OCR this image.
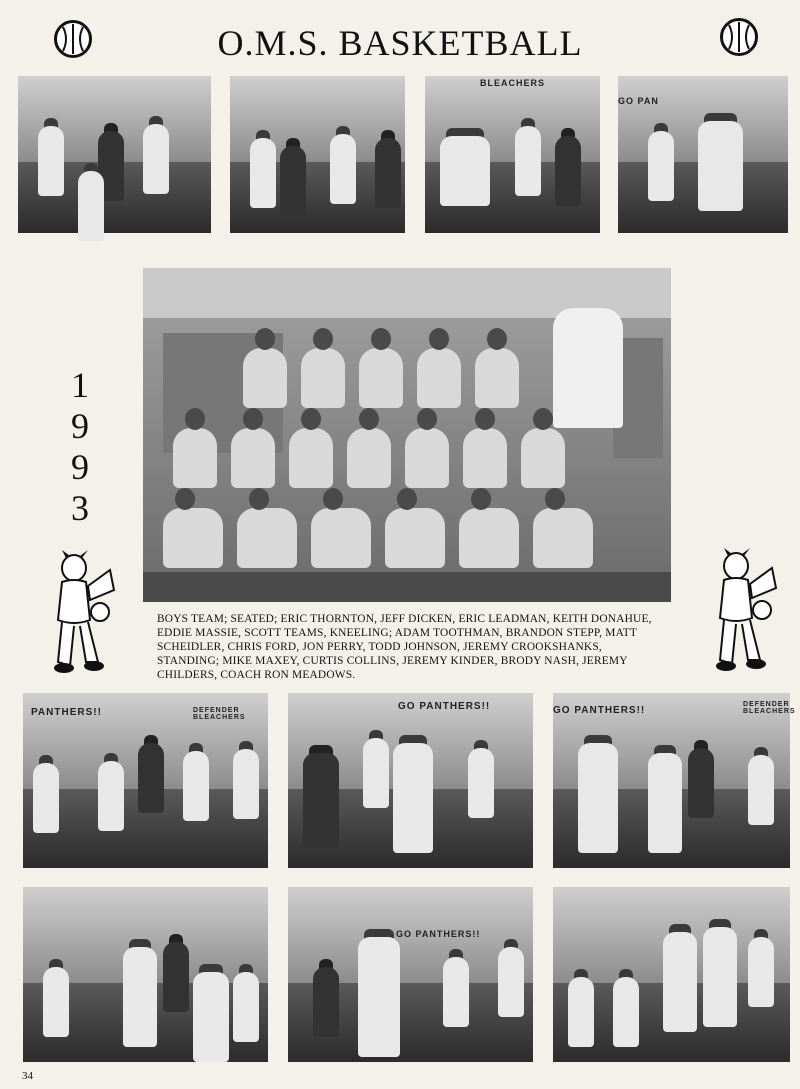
O.M.S. BASKETBALL
BLEACHERS
GO PAN
1
9
9
3
BOYS TEAM; SEATED; ERIC THORNTON, JEFF DICKEN, ERIC LEADMAN, KEITH DONAHUE, EDDIE MASSIE, SCOTT TEAMS, KNEELING; ADAM TOOTHMAN, BRANDON STEPP, MATT SCHEIDLER, CHRIS FORD, JON PERRY, TODD JOHNSON, JEREMY CROOKSHANKS, STANDING; MIKE MAXEY, CURTIS COLLINS, JEREMY KINDER, BRODY NASH, JEREMY CHILDERS, COACH RON MEADOWS.
PANTHERS!!	DEFENDER BLEACHERS
GO PANTHERS!!	GO PANTHERS!!
DEFENDER BLEACHERS
GO PANTHERS!!
34
